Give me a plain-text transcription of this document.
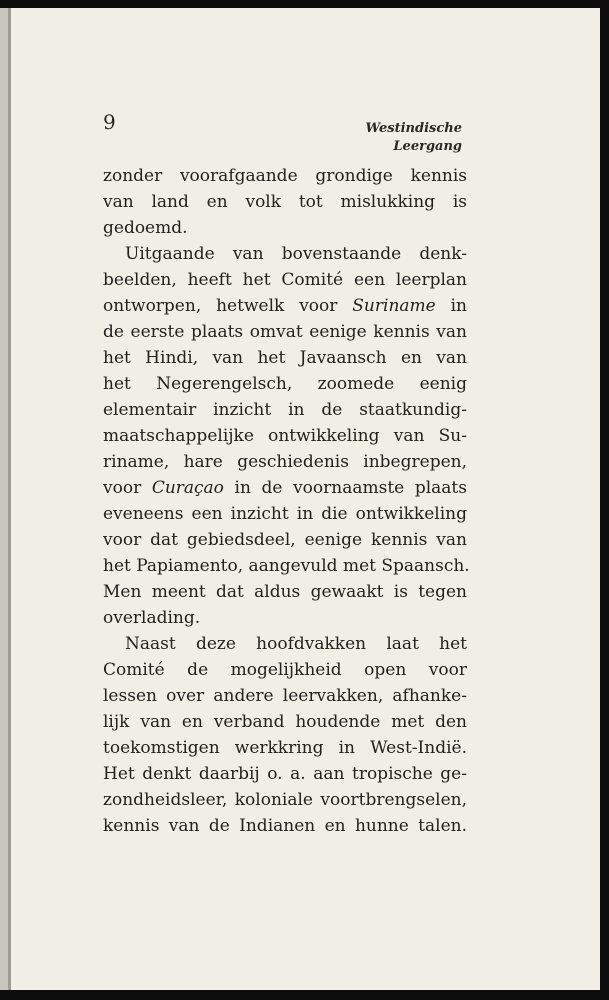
9	Westindische
Leergang
zonder voorafgaande grondige kennis
van land en volk tot mislukking is
gedoemd.
Uitgaande van bovenstaande denk-
beelden, heeft het Comité een leerplan
ontworpen, hetwelk voor Suriname in
de eerste plaats omvat eenige kennis van
het Hindi, van het Javaansch en van
het Negerengelsch, zoomede eenig
elementair inzicht in de staatkundig-
maatschappelijke ontwikkeling van Su-
riname, hare geschiedenis inbegrepen,
voor Curaçao in de voornaamste plaats
eveneens een inzicht in die ontwikkeling
voor dat gebiedsdeel, eenige kennis van
het Papiamento, aangevuld met Spaansch.
Men meent dat aldus gewaakt is tegen
overlading.
Naast deze hoofdvakken laat het
Comité de mogelijkheid open voor
lessen over andere leervakken, afhanke-
lijk van en verband houdende met den
toekomstigen werkkring in West-Indië.
Het denkt daarbij o. a. aan tropische ge-
zondheidsleer, koloniale voortbrengselen,
kennis van de Indianen en hunne talen.
